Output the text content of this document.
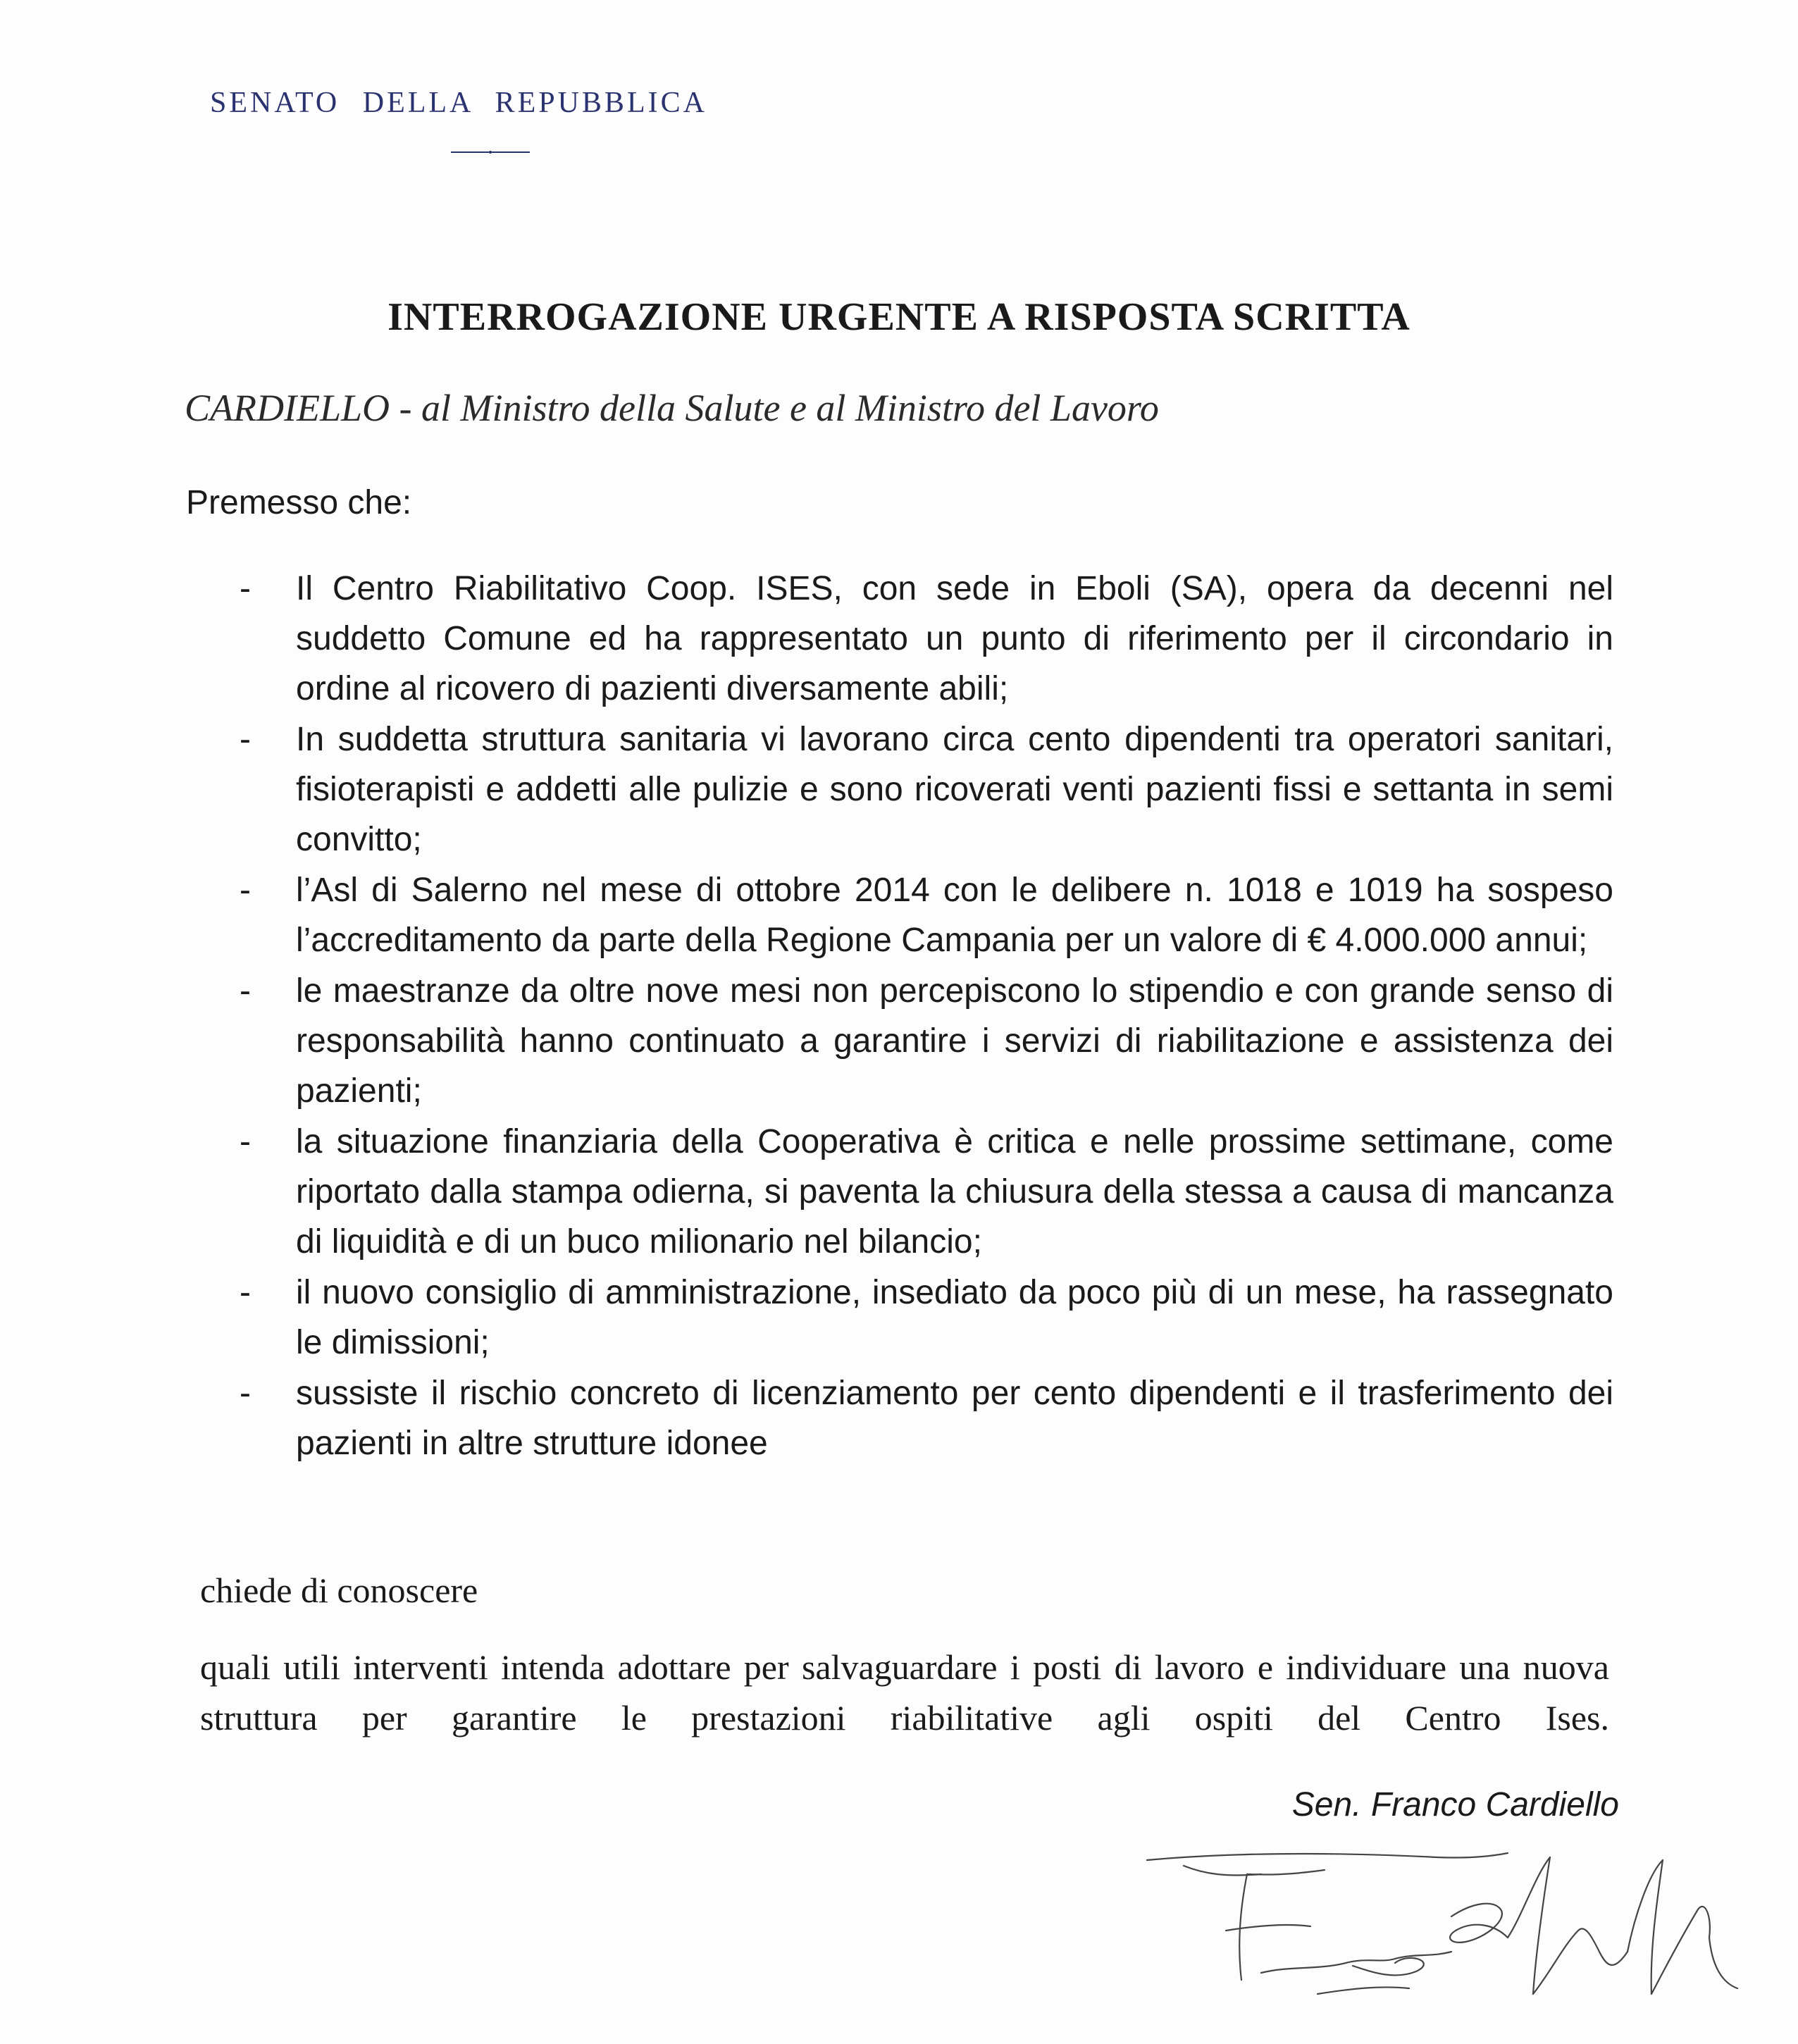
SENATO DELLA REPUBBLICA
INTERROGAZIONE URGENTE A RISPOSTA SCRITTA
CARDIELLO - al Ministro della Salute e al Ministro del Lavoro
Premesso che:
- Il Centro Riabilitativo Coop. ISES, con sede in Eboli (SA), opera da decenni nel suddetto Comune ed ha rappresentato un punto di riferimento per il circondario in ordine al ricovero di pazienti diversamente abili;
- In suddetta struttura sanitaria vi lavorano circa cento dipendenti tra operatori sanitari, fisioterapisti e addetti alle pulizie e sono ricoverati venti pazienti fissi e settanta in semi convitto;
- l’Asl di Salerno nel mese di ottobre 2014 con le delibere n. 1018 e 1019 ha sospeso l’accreditamento da parte della Regione Campania per un valore di € 4.000.000 annui;
- le maestranze da oltre nove mesi non percepiscono lo stipendio e con grande senso di responsabilità hanno continuato a garantire i servizi di riabilitazione e assistenza dei pazienti;
- la situazione finanziaria della Cooperativa è critica e nelle prossime settimane, come riportato dalla stampa odierna, si paventa la chiusura della stessa a causa di mancanza di liquidità e di un buco milionario nel bilancio;
- il nuovo consiglio di amministrazione, insediato da poco più di un mese, ha rassegnato le dimissioni;
- sussiste il rischio concreto di licenziamento per cento dipendenti e il trasferimento dei pazienti in altre strutture idonee
chiede di conoscere
quali utili interventi intenda adottare per salvaguardare i posti di lavoro e individuare una nuova struttura per garantire le prestazioni riabilitative agli ospiti del Centro Ises.
Sen. Franco Cardiello
